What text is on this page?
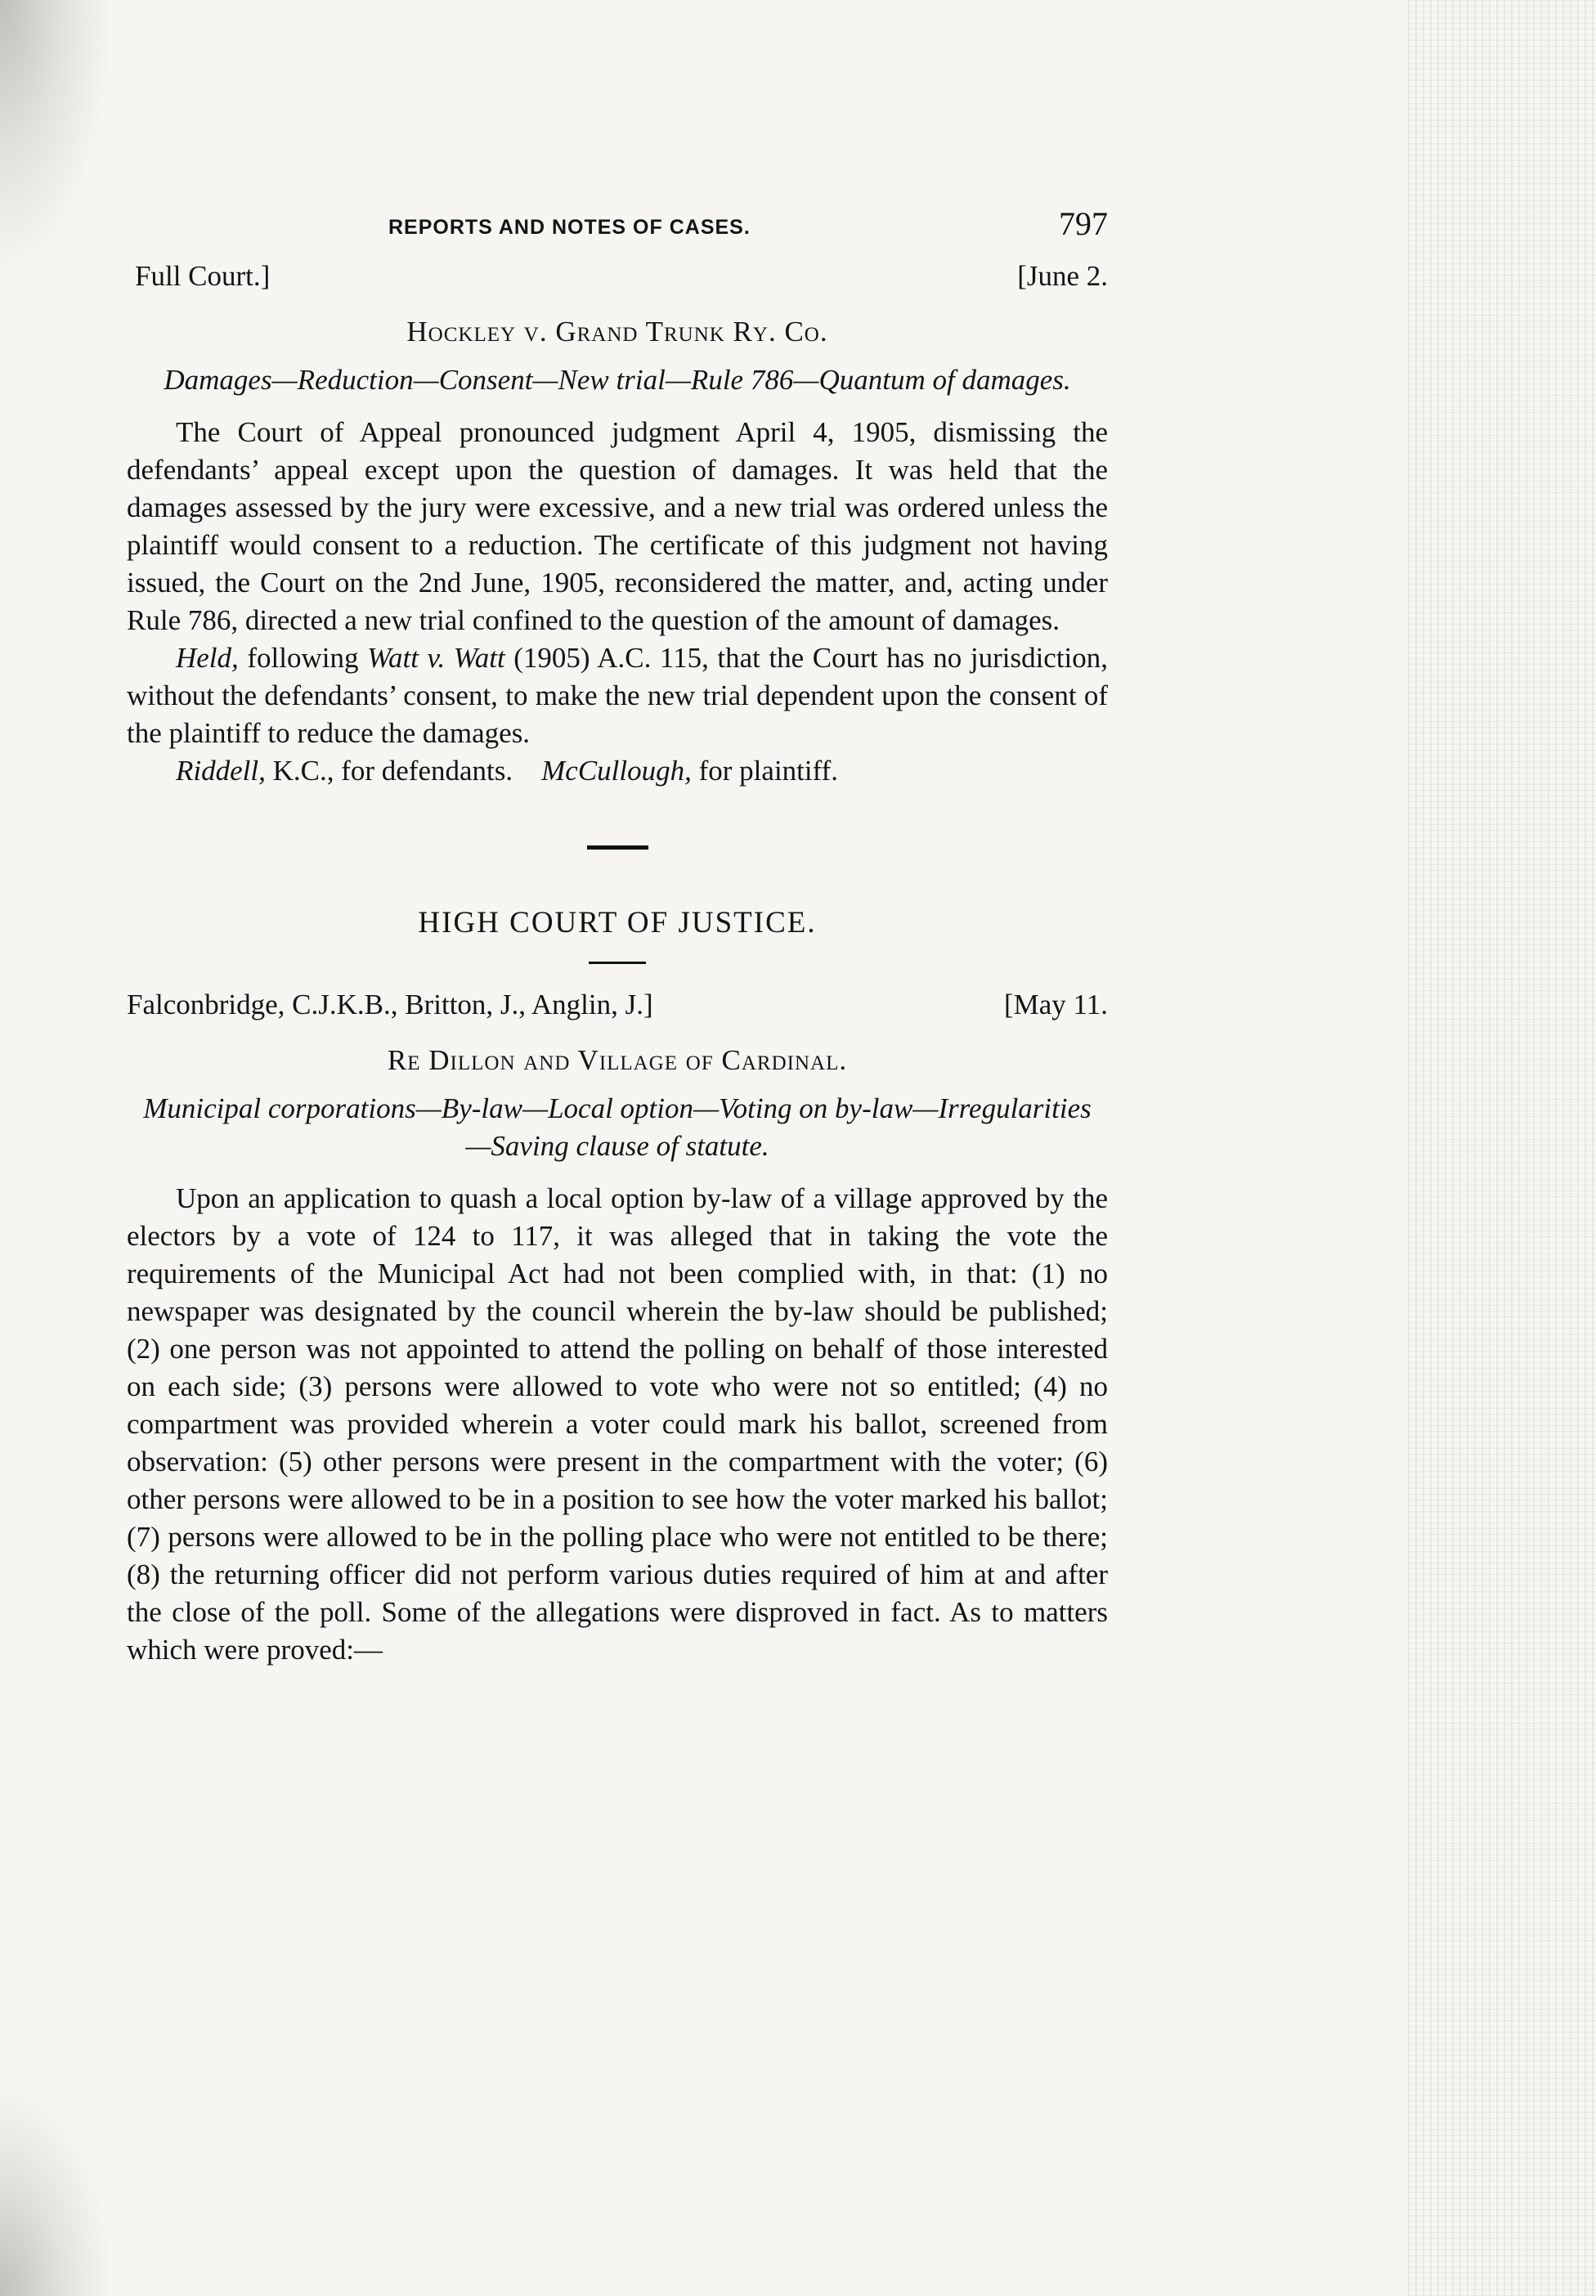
REPORTS AND NOTES OF CASES.	797
Full Court.]	[June 2.
Hockley v. Grand Trunk Ry. Co.
Damages—Reduction—Consent—New trial—Rule 786—Quantum of damages.

The Court of Appeal pronounced judgment April 4, 1905, dismissing the defendants’ appeal except upon the question of damages. It was held that the damages assessed by the jury were excessive, and a new trial was ordered unless the plaintiff would consent to a reduction. The certificate of this judgment not having issued, the Court on the 2nd June, 1905, reconsidered the matter, and, acting under Rule 786, directed a new trial confined to the question of the amount of damages.

Held, following Watt v. Watt (1905) A.C. 115, that the Court has no jurisdiction, without the defendants’ consent, to make the new trial dependent upon the consent of the plaintiff to reduce the damages.

Riddell, K.C., for defendants. McCullough, for plaintiff.
HIGH COURT OF JUSTICE.
Falconbridge, C.J.K.B., Britton, J., Anglin, J.]	[May 11.
Re Dillon and Village of Cardinal.
Municipal corporations—By-law—Local option—Voting on by-law—Irregularities—Saving clause of statute.

Upon an application to quash a local option by-law of a village approved by the electors by a vote of 124 to 117, it was alleged that in taking the vote the requirements of the Municipal Act had not been complied with, in that: (1) no newspaper was designated by the council wherein the by-law should be published; (2) one person was not appointed to attend the polling on behalf of those interested on each side; (3) persons were allowed to vote who were not so entitled; (4) no compartment was provided wherein a voter could mark his ballot, screened from observation: (5) other persons were present in the compartment with the voter; (6) other persons were allowed to be in a position to see how the voter marked his ballot; (7) persons were allowed to be in the polling place who were not entitled to be there; (8) the returning officer did not perform various duties required of him at and after the close of the poll. Some of the allegations were disproved in fact. As to matters which were proved:—
